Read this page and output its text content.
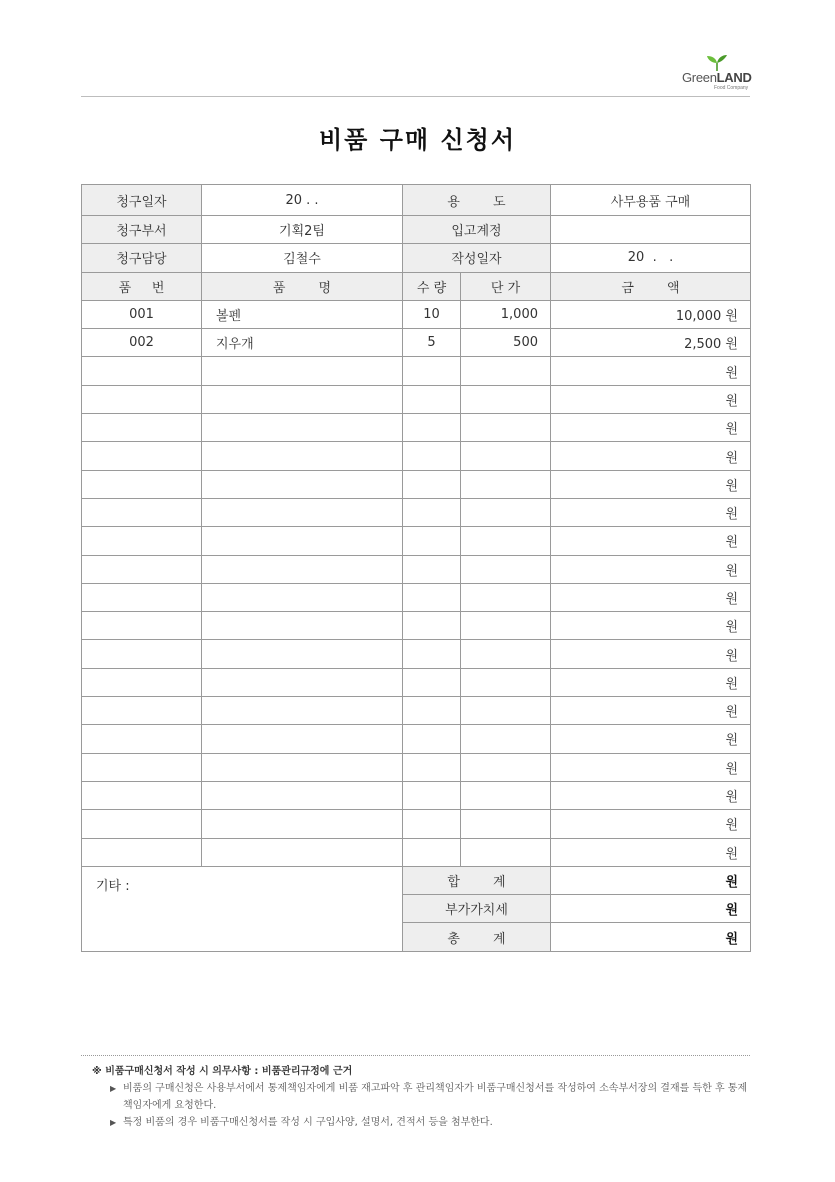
GreenLAND
Food Company
비품 구매 신청서
청구일자	20 . .	용        도		사무용품 구매
청구부서	기획2팀	입고계정		
청구담당	김철수	작성일자		20  .   .
품     번	품        명	수 량	단 가	금        액
001	볼펜	10	1,000	10,000 원
002	지우개	5	500	2,500 원
				원
				원
				원
				원
				원
				원
				원
				원
				원
				원
				원
				원
				원
				원
				원
				원
				원
				원
기타 :		합        계		원
		부가가치세		원
		총        계		원
※ 비품구매신청서 작성 시 의무사항 : 비품관리규정에 근거
▶ 비품의 구매신청은 사용부서에서 통제책임자에게 비품 재고파악 후 관리책임자가 비품구매신청서를 작성하여 소속부서장의 결재를 득한 후 통제책임자에게 요청한다.
▶ 특정 비품의 경우 비품구매신청서를 작성 시 구입사양, 설명서, 견적서 등을 첨부한다.
